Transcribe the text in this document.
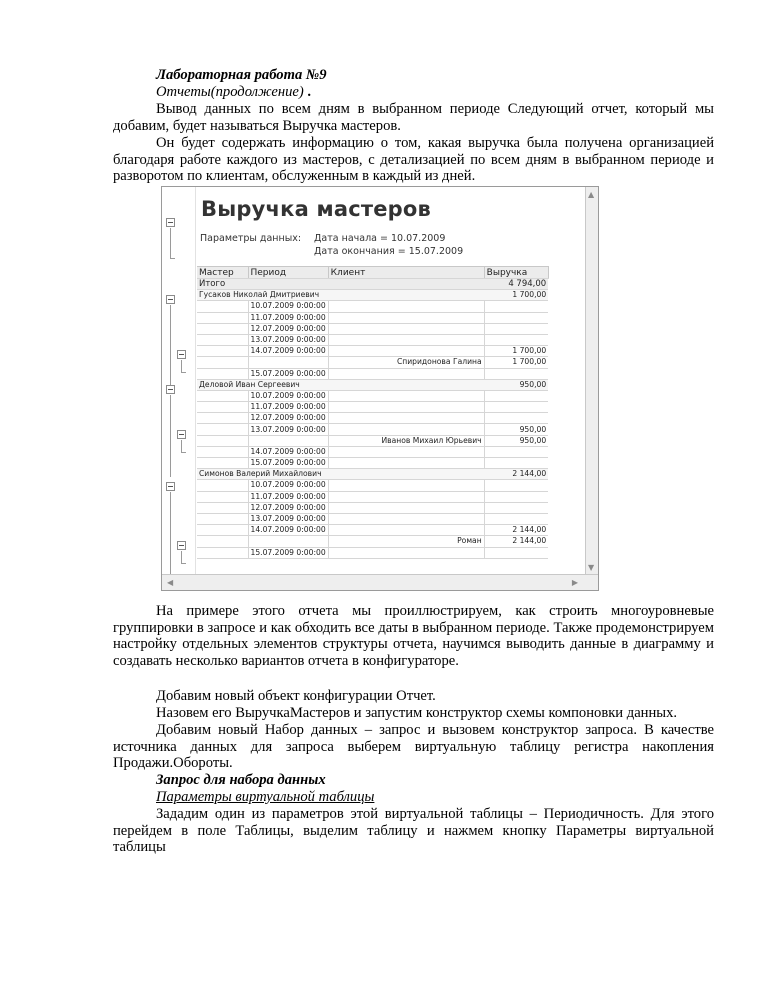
Лабораторная работа №9
Отчеты(продолжение) .
Вывод данных по всем дням в выбранном периоде Следующий отчет, который мы добавим, будет называться Выручка мастеров.
Он будет содержать информацию о том, какая выручка была получена организацией благодаря работе каждого из мастеров, с детализацией по всем дням в выбранном периоде и разворотом по клиентам, обслуженным в каждый из дней.
Выручка мастеров
Параметры данных: Дата начала = 10.07.2009
Дата окончания = 15.07.2009
Мастер	Период	Клиент	Выручка
Итого			4 794,00
Гусаков Николай Дмитриевич			1 700,00
	10.07.2009 0:00:00		
	11.07.2009 0:00:00		
	12.07.2009 0:00:00		
	13.07.2009 0:00:00		
	14.07.2009 0:00:00		1 700,00
		Спиридонова Галина	1 700,00
	15.07.2009 0:00:00		
Деловой Иван Сергеевич			950,00
	10.07.2009 0:00:00		
	11.07.2009 0:00:00		
	12.07.2009 0:00:00		
	13.07.2009 0:00:00		950,00
		Иванов Михаил Юрьевич	950,00
	14.07.2009 0:00:00		
	15.07.2009 0:00:00		
Симонов Валерий Михайлович			2 144,00
	10.07.2009 0:00:00		
	11.07.2009 0:00:00		
	12.07.2009 0:00:00		
	13.07.2009 0:00:00		
	14.07.2009 0:00:00		2 144,00
		Роман	2 144,00
	15.07.2009 0:00:00		
▲
▼
◀	▶
На примере этого отчета мы проиллюстрируем, как строить многоуровневые группировки в запросе и как обходить все даты в выбранном периоде. Также продемонстрируем настройку отдельных элементов структуры отчета, научимся выводить данные в диаграмму и создавать несколько вариантов отчета в конфигураторе.
Добавим новый объект конфигурации Отчет.
Назовем его ВыручкаМастеров и запустим конструктор схемы компоновки данных.
Добавим новый Набор данных – запрос и вызовем конструктор запроса. В качестве источника данных для запроса выберем виртуальную таблицу регистра накопления Продажи.Обороты.
Запрос для набора данных
Параметры виртуальной таблицы
Зададим один из параметров этой виртуальной таблицы – Периодичность. Для этого перейдем в поле Таблицы, выделим таблицу и нажмем кнопку Параметры виртуальной таблицы
